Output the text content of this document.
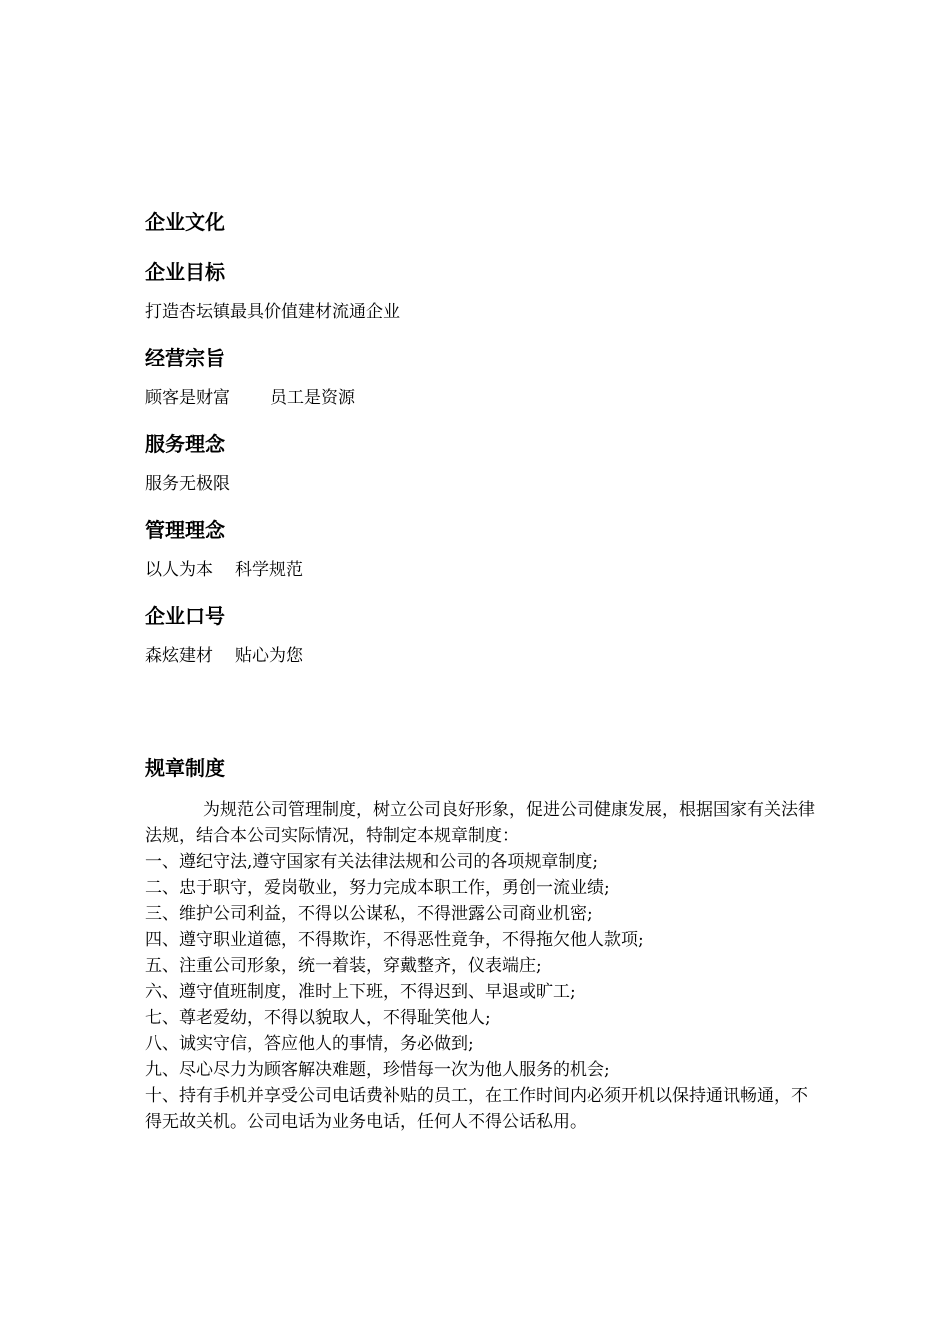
企业文化
企业目标
打造杏坛镇最具价值建材流通企业
经营宗旨
顾客是财富 员工是资源
服务理念
服务无极限
管理理念
以人为本 科学规范
企业口号
森炫建材 贴心为您
规章制度

为规范公司管理制度，树立公司良好形象，促进公司健康发展，根据国家有关法律法规，结合本公司实际情况，特制定本规章制度：

一、遵纪守法,遵守国家有关法律法规和公司的各项规章制度;

二、忠于职守，爱岗敬业，努力完成本职工作，勇创一流业绩;

三、维护公司利益，不得以公谋私，不得泄露公司商业机密;

四、遵守职业道德，不得欺诈，不得恶性竟争，不得拖欠他人款项;

五、注重公司形象，统一着装，穿戴整齐，仪表端庄;

六、遵守值班制度，准时上下班，不得迟到、早退或旷工;

七、尊老爱幼，不得以貌取人，不得耻笑他人;

八、诚实守信，答应他人的事情，务必做到;

九、尽心尽力为顾客解决难题，珍惜每一次为他人服务的机会;

十、持有手机并享受公司电话费补贴的员工，在工作时间内必须开机以保持通讯畅通，不得无故关机。公司电话为业务电话，任何人不得公话私用。
